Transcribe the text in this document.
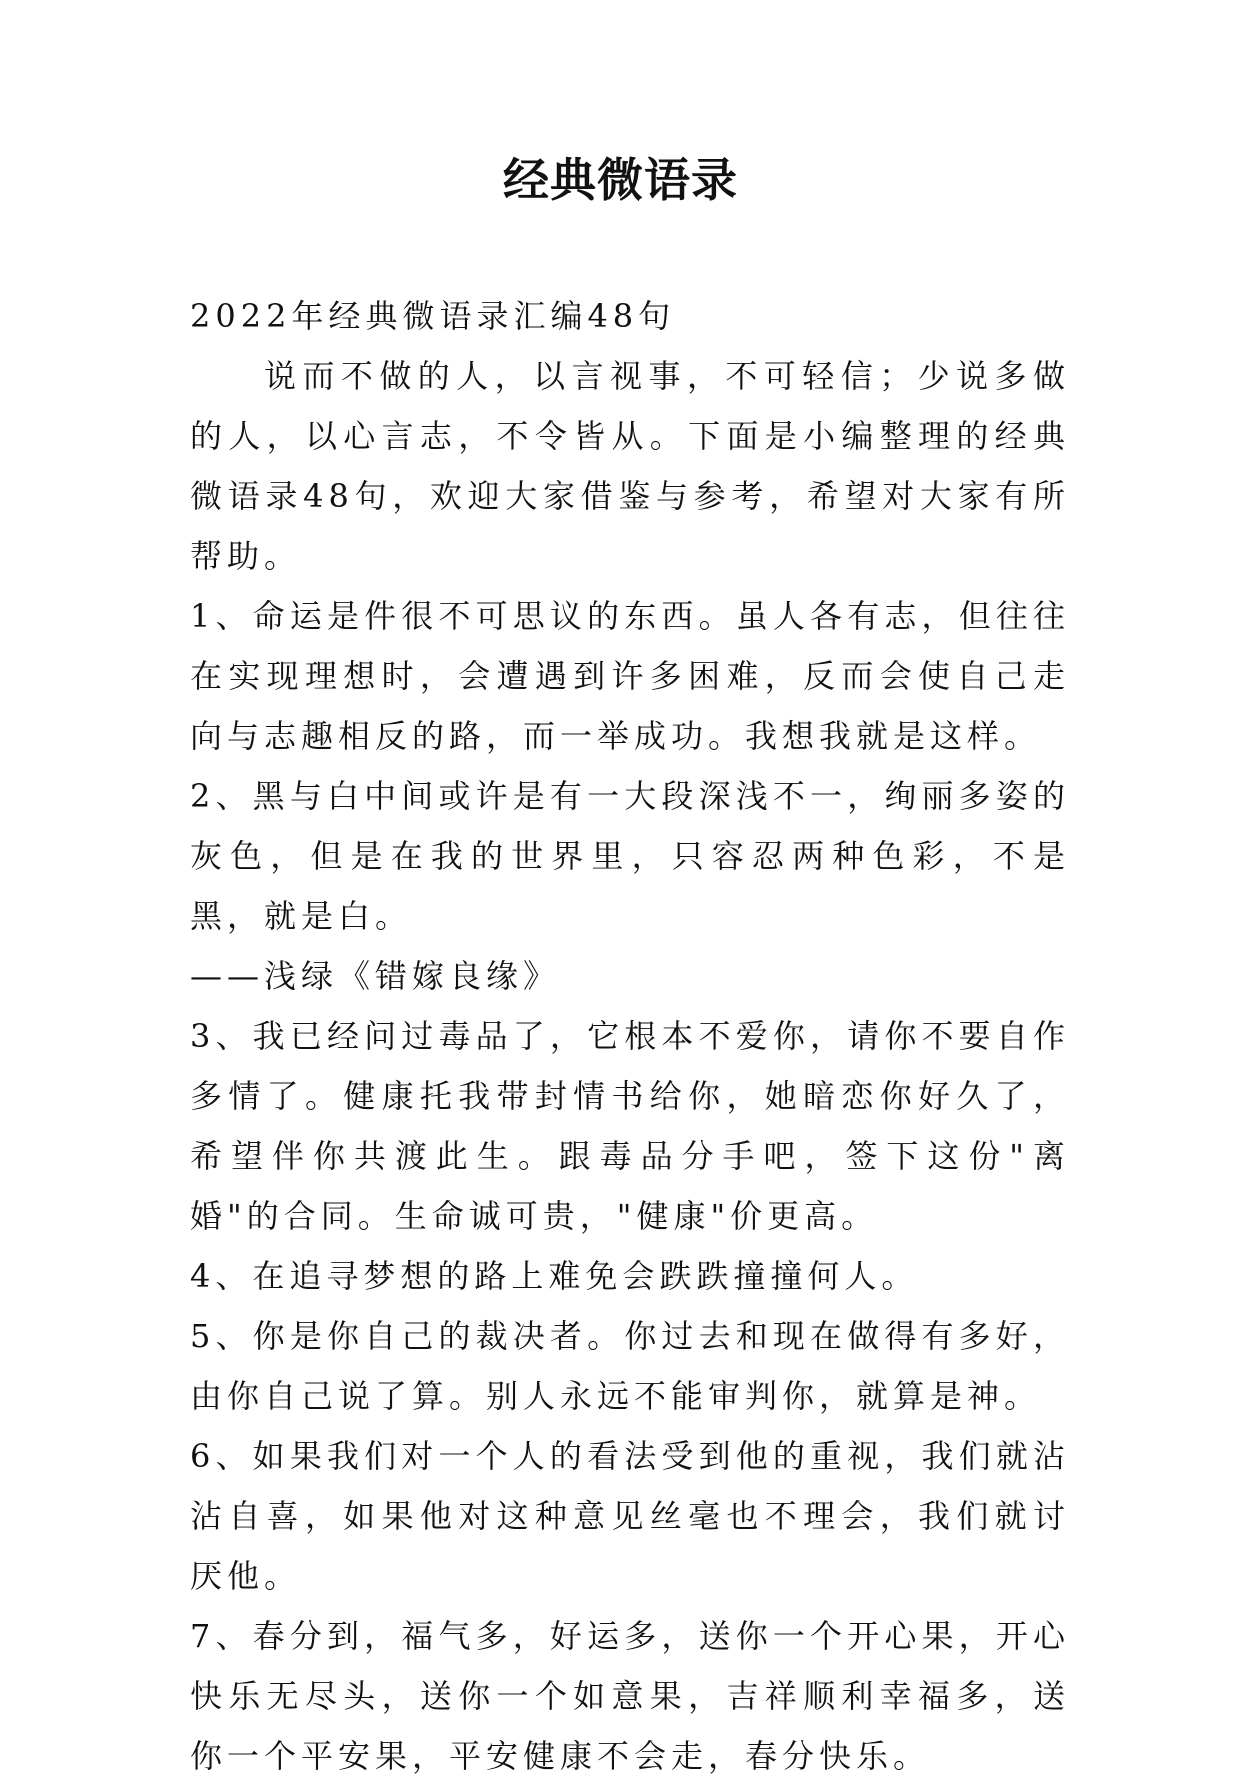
经典微语录

2022年经典微语录汇编48句

说而不做的人，以言视事，不可轻信；少说多做的人，以心言志，不令皆从。下面是小编整理的经典微语录48句，欢迎大家借鉴与参考，希望对大家有所帮助。

1、命运是件很不可思议的东西。虽人各有志，但往往在实现理想时，会遭遇到许多困难，反而会使自己走向与志趣相反的路，而一举成功。我想我就是这样。

2、黑与白中间或许是有一大段深浅不一，绚丽多姿的灰色，但是在我的世界里，只容忍两种色彩，不是黑，就是白。

——浅绿《错嫁良缘》

3、我已经问过毒品了，它根本不爱你，请你不要自作多情了。健康托我带封情书给你，她暗恋你好久了，希望伴你共渡此生。跟毒品分手吧，签下这份"离婚"的合同。生命诚可贵，"健康"价更高。

4、在追寻梦想的路上难免会跌跌撞撞何人。

5、你是你自己的裁决者。你过去和现在做得有多好，由你自己说了算。别人永远不能审判你，就算是神。

6、如果我们对一个人的看法受到他的重视，我们就沾沾自喜，如果他对这种意见丝毫也不理会，我们就讨厌他。

7、春分到，福气多，好运多，送你一个开心果，开心快乐无尽头，送你一个如意果，吉祥顺利幸福多，送你一个平安果，平安健康不会走，春分快乐。
